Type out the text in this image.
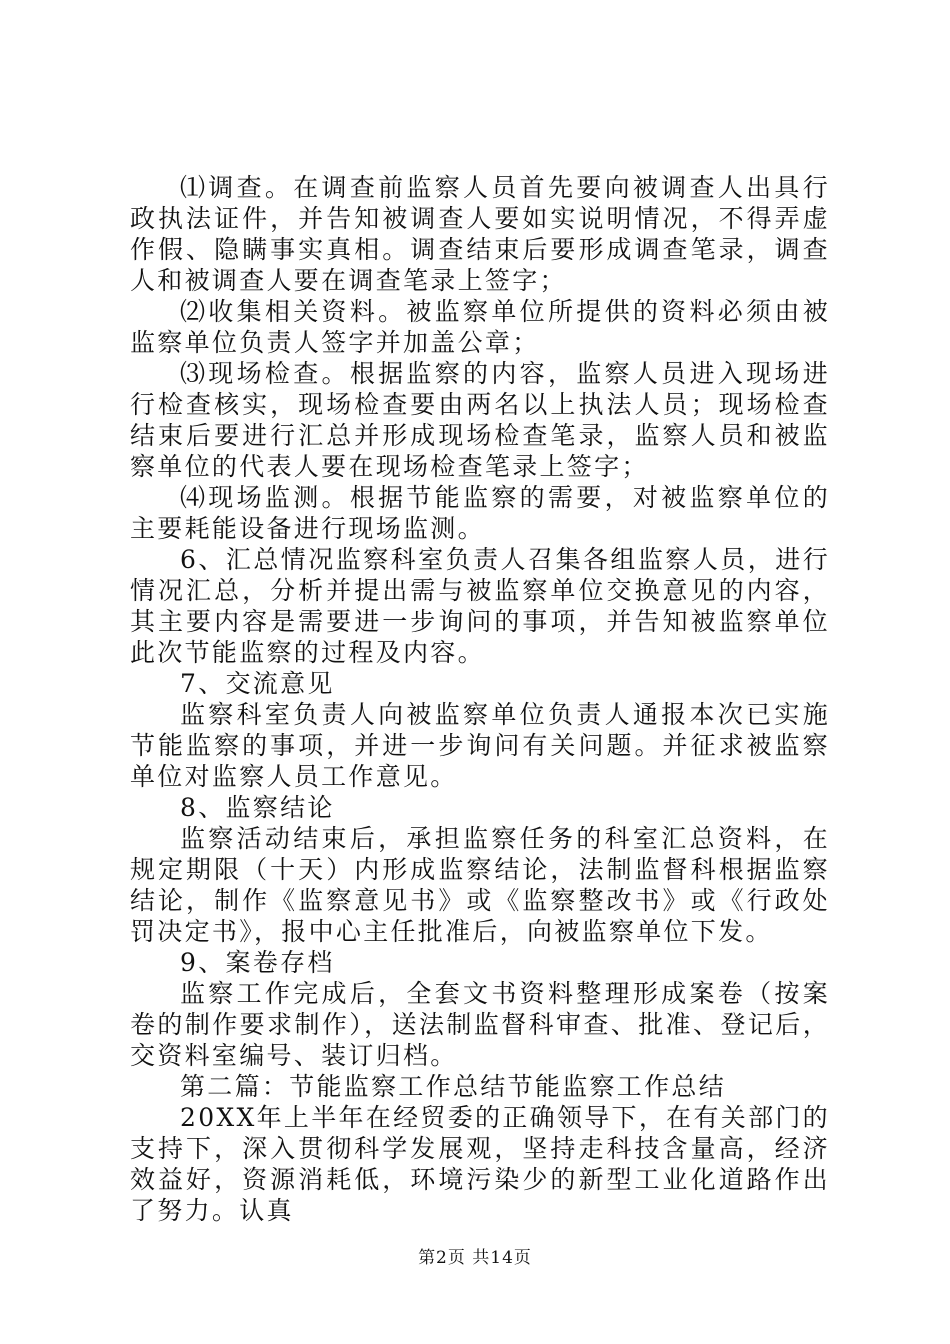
⑴调查。在调查前监察人员首先要向被调查人出具行政执法证件，并告知被调查人要如实说明情况，不得弄虚作假、隐瞒事实真相。调查结束后要形成调查笔录，调查人和被调查人要在调查笔录上签字；

⑵收集相关资料。被监察单位所提供的资料必须由被监察单位负责人签字并加盖公章；

⑶现场检查。根据监察的内容，监察人员进入现场进行检查核实，现场检查要由两名以上执法人员；现场检查结束后要进行汇总并形成现场检查笔录，监察人员和被监察单位的代表人要在现场检查笔录上签字；

⑷现场监测。根据节能监察的需要，对被监察单位的主要耗能设备进行现场监测。

6、汇总情况监察科室负责人召集各组监察人员，进行情况汇总，分析并提出需与被监察单位交换意见的内容，其主要内容是需要进一步询问的事项，并告知被监察单位此次节能监察的过程及内容。

7、交流意见

监察科室负责人向被监察单位负责人通报本次已实施节能监察的事项，并进一步询问有关问题。并征求被监察单位对监察人员工作意见。

8、监察结论

监察活动结束后，承担监察任务的科室汇总资料，在规定期限（十天）内形成监察结论，法制监督科根据监察结论，制作《监察意见书》或《监察整改书》或《行政处罚决定书》，报中心主任批准后，向被监察单位下发。

9、案卷存档

监察工作完成后，全套文书资料整理形成案卷（按案卷的制作要求制作），送法制监督科审查、批准、登记后，交资料室编号、装订归档。

第二篇：节能监察工作总结节能监察工作总结

20XX年上半年在经贸委的正确领导下，在有关部门的支持下，深入贯彻科学发展观，坚持走科技含量高，经济效益好，资源消耗低，环境污染少的新型工业化道路作出了努力。认真

第2页 共14页
